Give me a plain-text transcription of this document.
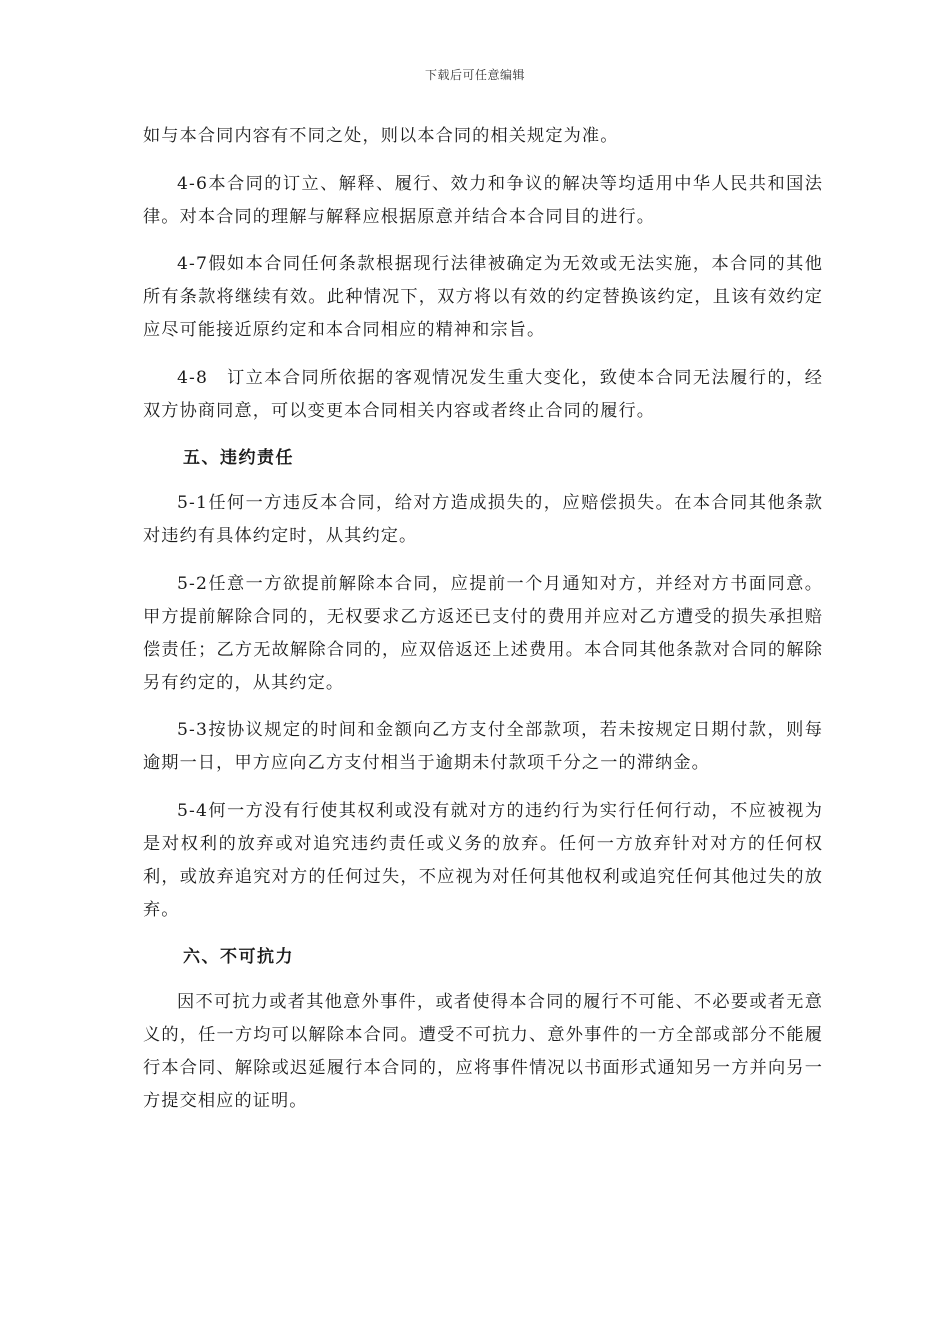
下载后可任意编辑

如与本合同内容有不同之处，则以本合同的相关规定为准。

4-6本合同的订立、解释、履行、效力和争议的解决等均适用中华人民共和国法律。对本合同的理解与解释应根据原意并结合本合同目的进行。

4-7假如本合同任何条款根据现行法律被确定为无效或无法实施，本合同的其他所有条款将继续有效。此种情况下，双方将以有效的约定替换该约定，且该有效约定应尽可能接近原约定和本合同相应的精神和宗旨。

4-8　订立本合同所依据的客观情况发生重大变化，致使本合同无法履行的，经双方协商同意，可以变更本合同相关内容或者终止合同的履行。

五、违约责任

5-1任何一方违反本合同，给对方造成损失的，应赔偿损失。在本合同其他条款对违约有具体约定时，从其约定。

5-2任意一方欲提前解除本合同，应提前一个月通知对方，并经对方书面同意。甲方提前解除合同的，无权要求乙方返还已支付的费用并应对乙方遭受的损失承担赔偿责任；乙方无故解除合同的，应双倍返还上述费用。本合同其他条款对合同的解除另有约定的，从其约定。

5-3按协议规定的时间和金额向乙方支付全部款项，若未按规定日期付款，则每逾期一日，甲方应向乙方支付相当于逾期未付款项千分之一的滞纳金。

5-4何一方没有行使其权利或没有就对方的违约行为实行任何行动，不应被视为是对权利的放弃或对追究违约责任或义务的放弃。任何一方放弃针对对方的任何权利，或放弃追究对方的任何过失，不应视为对任何其他权利或追究任何其他过失的放弃。

六、不可抗力

因不可抗力或者其他意外事件，或者使得本合同的履行不可能、不必要或者无意义的，任一方均可以解除本合同。遭受不可抗力、意外事件的一方全部或部分不能履行本合同、解除或迟延履行本合同的，应将事件情况以书面形式通知另一方并向另一方提交相应的证明。
